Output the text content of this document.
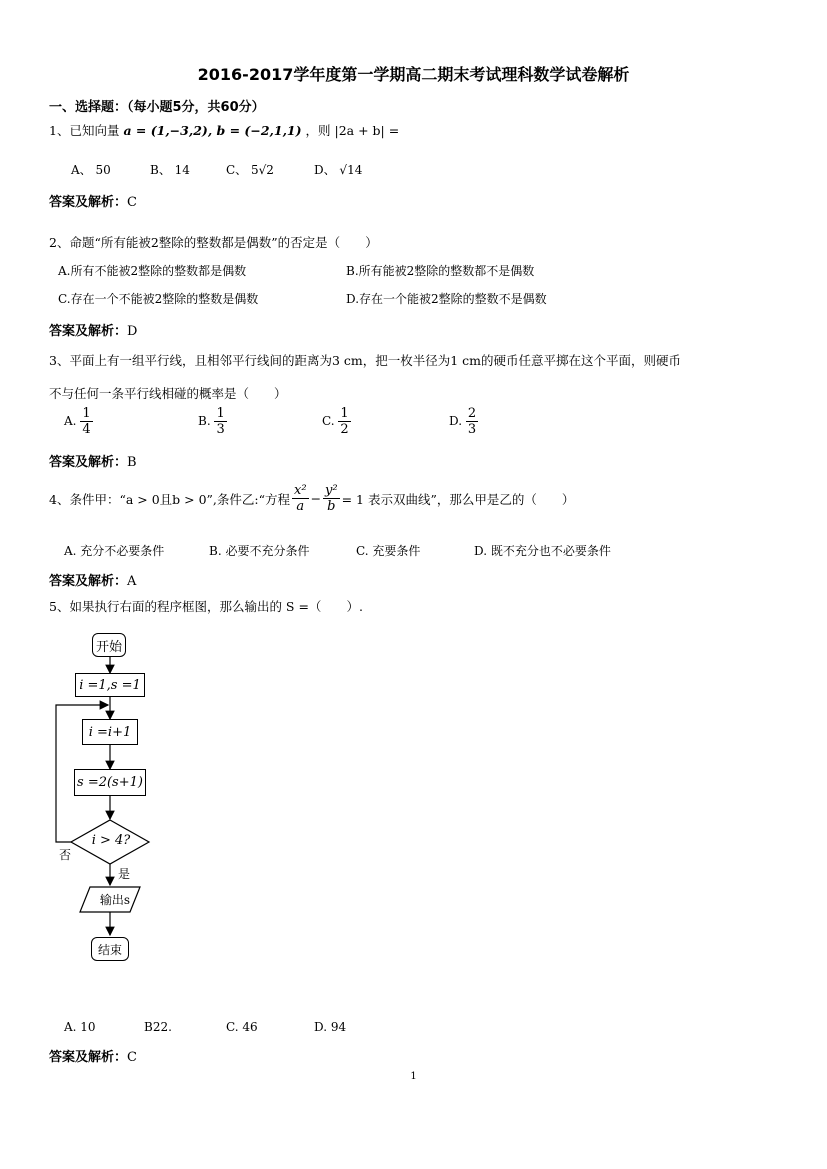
2016-2017学年度第一学期高二期末考试理科数学试卷解析
一、选择题：（每小题5分，共60分）
1、已知向量 a = (1,−3,2), b = (−2,1,1) ，则 |2a + b| =
A、 50	B、 14	C、 5√2	D、 √14
答案及解析：C
2、命题“所有能被2整除的整数都是偶数”的否定是（　　）
A.所有不能被2整除的整数都是偶数	B.所有能被2整除的整数都不是偶数
C.存在一个不能被2整除的整数是偶数	D.存在一个能被2整除的整数不是偶数
答案及解析：D
3、平面上有一组平行线，且相邻平行线间的距离为3 cm，把一枚半径为1 cm的硬币任意平掷在这个平面，则硬币
不与任何一条平行线相碰的概率是（　　）
A. $\frac{1}{4}$	B. $\frac{1}{3}$	C. $\frac{1}{2}$	D. $\frac{2}{3}$
答案及解析：B
4、条件甲：“a > 0且b > 0”,条件乙:“方程 $\frac{\text{x²}}{a} - \frac{\text{y²}}{b} = 1$ 表示双曲线”，那么甲是乙的（　　）
A. 充分不必要条件	B. 必要不充分条件	C. 充要条件	D. 既不充分也不必要条件
答案及解析：A
5、如果执行右面的程序框图，那么输出的 S =（　　）.
开始
i =1,s =1
i =i+1
s =2(s+1)
i > 4?
否
是
输出s
结束
A. 10	B22.	C. 46	D. 94
答案及解析：C
1
